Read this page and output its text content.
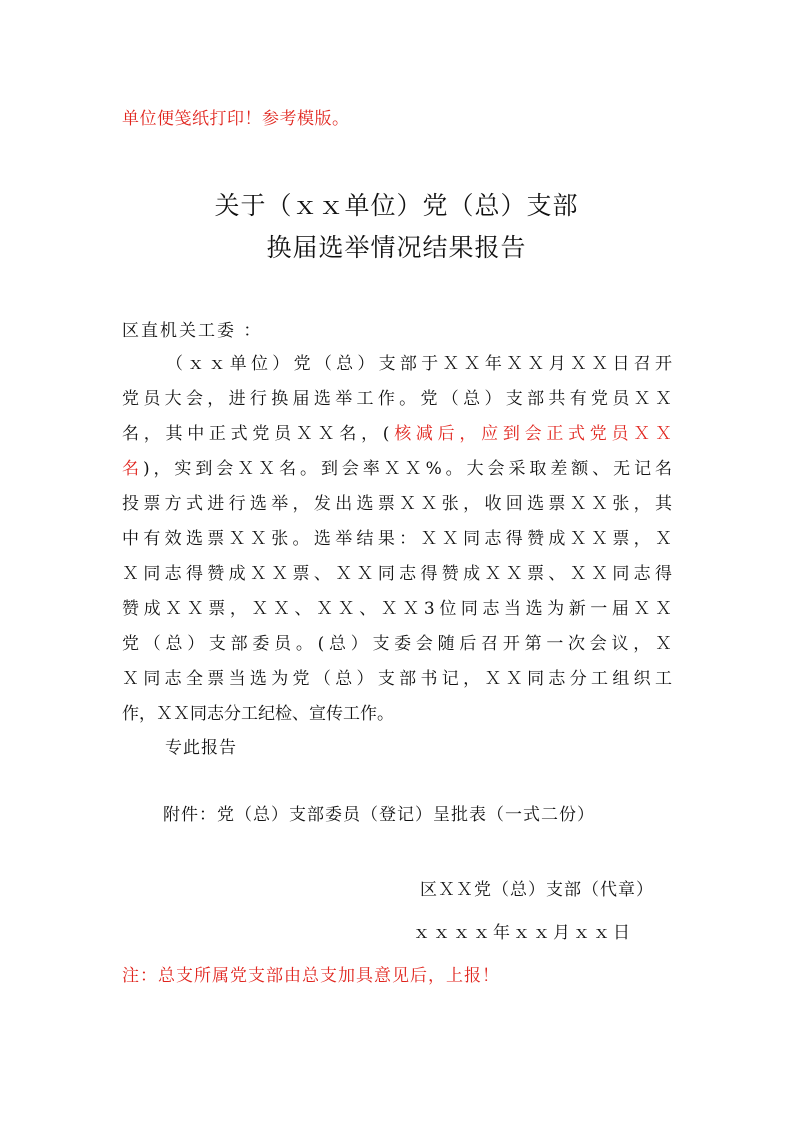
单位便笺纸打印！参考模版。
关于（ｘｘ单位）党（总）支部
换届选举情况结果报告
区直机关工委 ：
（ｘｘ单位）党（总）支部于ＸＸ年ＸＸ月ＸＸ日召开
党员大会，进行换届选举工作。党（总）支部共有党员ＸＸ
名，其中正式党员ＸＸ名，(核减后，应到会正式党员ＸＸ
名)，实到会ＸＸ名。到会率ＸＸ%。大会采取差额、无记名
投票方式进行选举，发出选票ＸＸ张，收回选票ＸＸ张，其
中有效选票ＸＸ张。选举结果：ＸＸ同志得赞成ＸＸ票，Ｘ
Ｘ同志得赞成ＸＸ票、ＸＸ同志得赞成ＸＸ票、ＸＸ同志得
赞成ＸＸ票，ＸＸ、ＸＸ、ＸＸ3位同志当选为新一届ＸＸ
党（总）支部委员。(总）支委会随后召开第一次会议，Ｘ
Ｘ同志全票当选为党（总）支部书记，ＸＸ同志分工组织工
作，ＸＸ同志分工纪检、宣传工作。
专此报告
附件：党（总）支部委员（登记）呈批表（一式二份）
区ＸＸ党（总）支部（代章）
ｘｘｘｘ年ｘｘ月ｘｘ日
注：总支所属党支部由总支加具意见后，上报！
